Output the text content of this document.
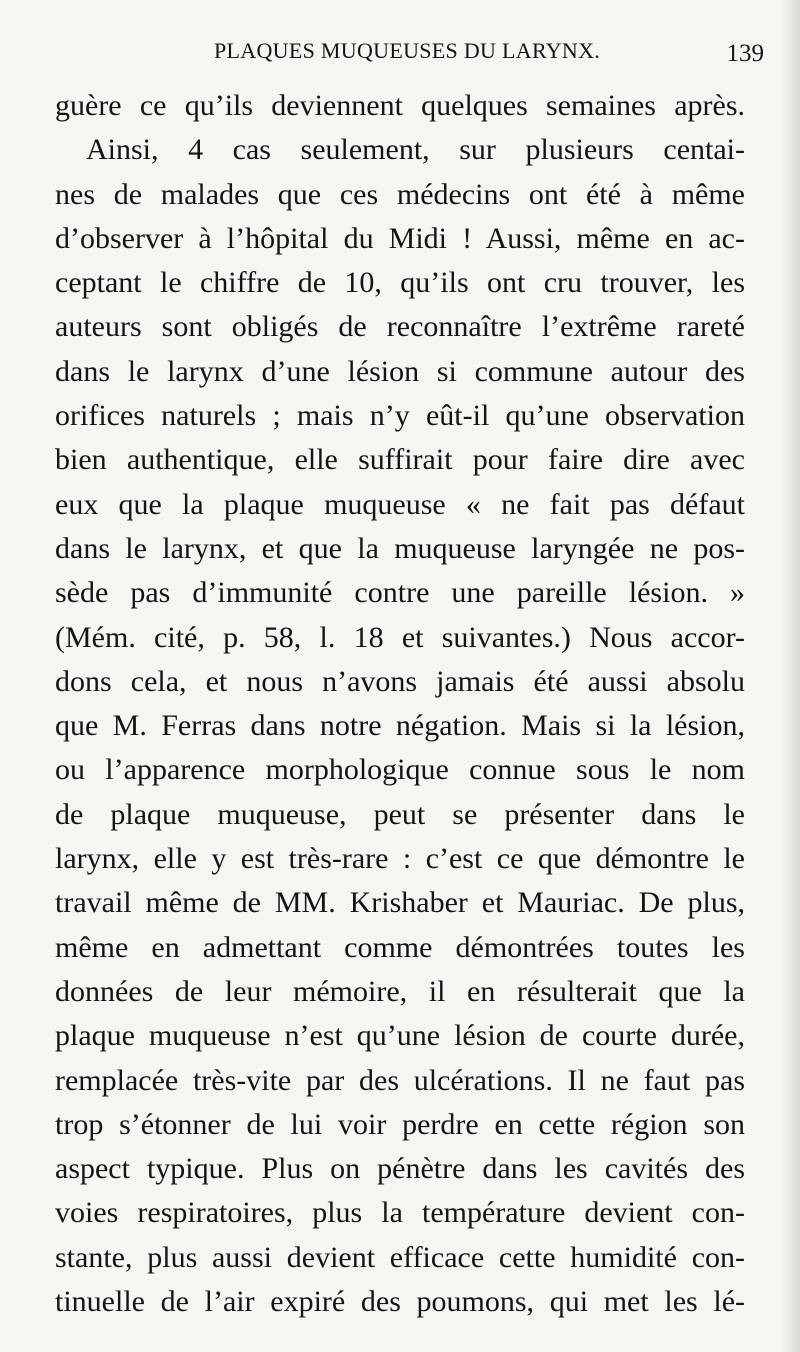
PLAQUES MUQUEUSES DU LARYNX.	139
guère ce qu’ils deviennent quelques semaines après.
Ainsi, 4 cas seulement, sur plusieurs centai-
nes de malades que ces médecins ont été à même
d’observer à l’hôpital du Midi ! Aussi, même en ac-
ceptant le chiffre de 10, qu’ils ont cru trouver, les
auteurs sont obligés de reconnaître l’extrême rareté
dans le larynx d’une lésion si commune autour des
orifices naturels ; mais n’y eût-il qu’une observation
bien authentique, elle suffirait pour faire dire avec
eux que la plaque muqueuse « ne fait pas défaut
dans le larynx, et que la muqueuse laryngée ne pos-
sède pas d’immunité contre une pareille lésion. »
(Mém. cité, p. 58, l. 18 et suivantes.) Nous accor-
dons cela, et nous n’avons jamais été aussi absolu
que M. Ferras dans notre négation. Mais si la lésion,
ou l’apparence morphologique connue sous le nom
de plaque muqueuse, peut se présenter dans le
larynx, elle y est très-rare : c’est ce que démontre le
travail même de MM. Krishaber et Mauriac. De plus,
même en admettant comme démontrées toutes les
données de leur mémoire, il en résulterait que la
plaque muqueuse n’est qu’une lésion de courte durée,
remplacée très-vite par des ulcérations. Il ne faut pas
trop s’étonner de lui voir perdre en cette région son
aspect typique. Plus on pénètre dans les cavités des
voies respiratoires, plus la température devient con-
stante, plus aussi devient efficace cette humidité con-
tinuelle de l’air expiré des poumons, qui met les lé-
